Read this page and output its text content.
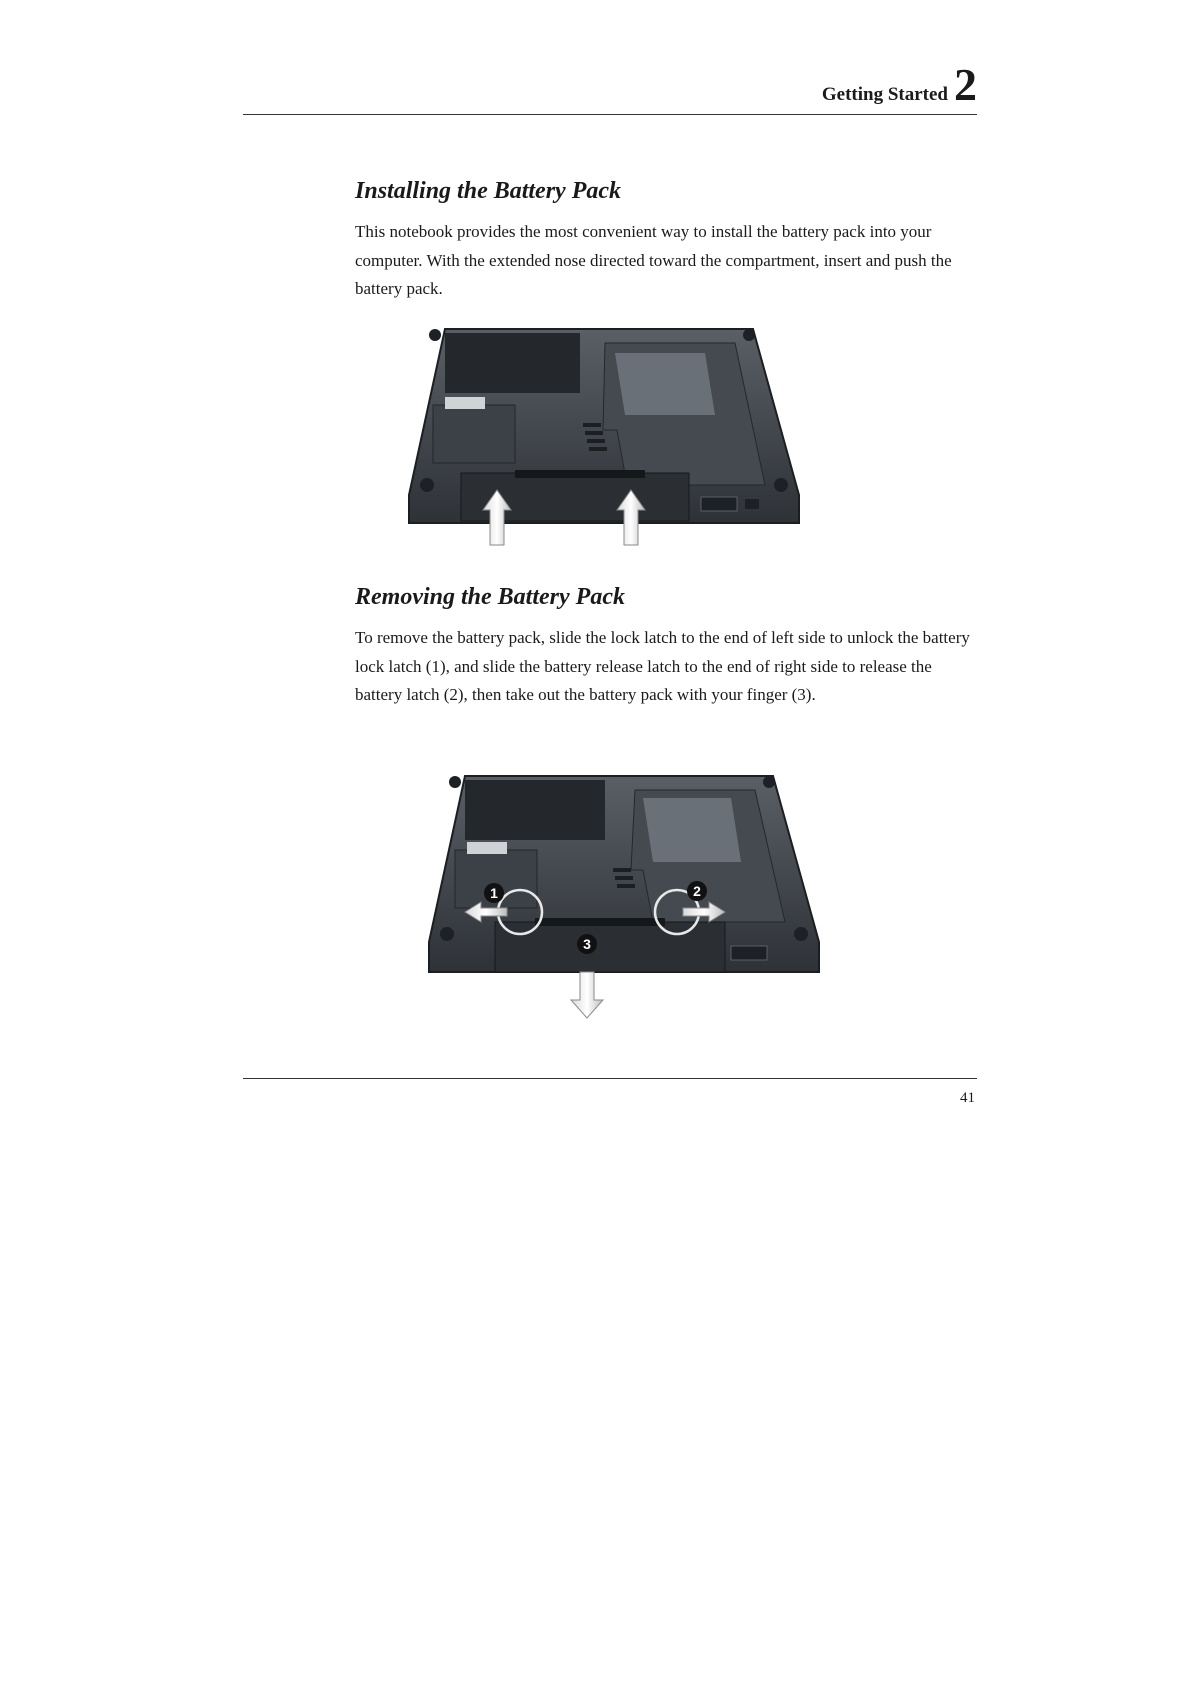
Getting Started 2
Installing the Battery Pack

This notebook provides the most convenient way to install the battery pack into your computer. With the extended nose directed toward the compartment, insert and push the battery pack.

Removing the Battery Pack

To remove the battery pack, slide the lock latch to the end of left side to unlock the battery lock latch (1), and slide the battery release latch to the end of right side to release the battery latch (2), then take out the battery pack with your finger (3).

1	2
3
41
